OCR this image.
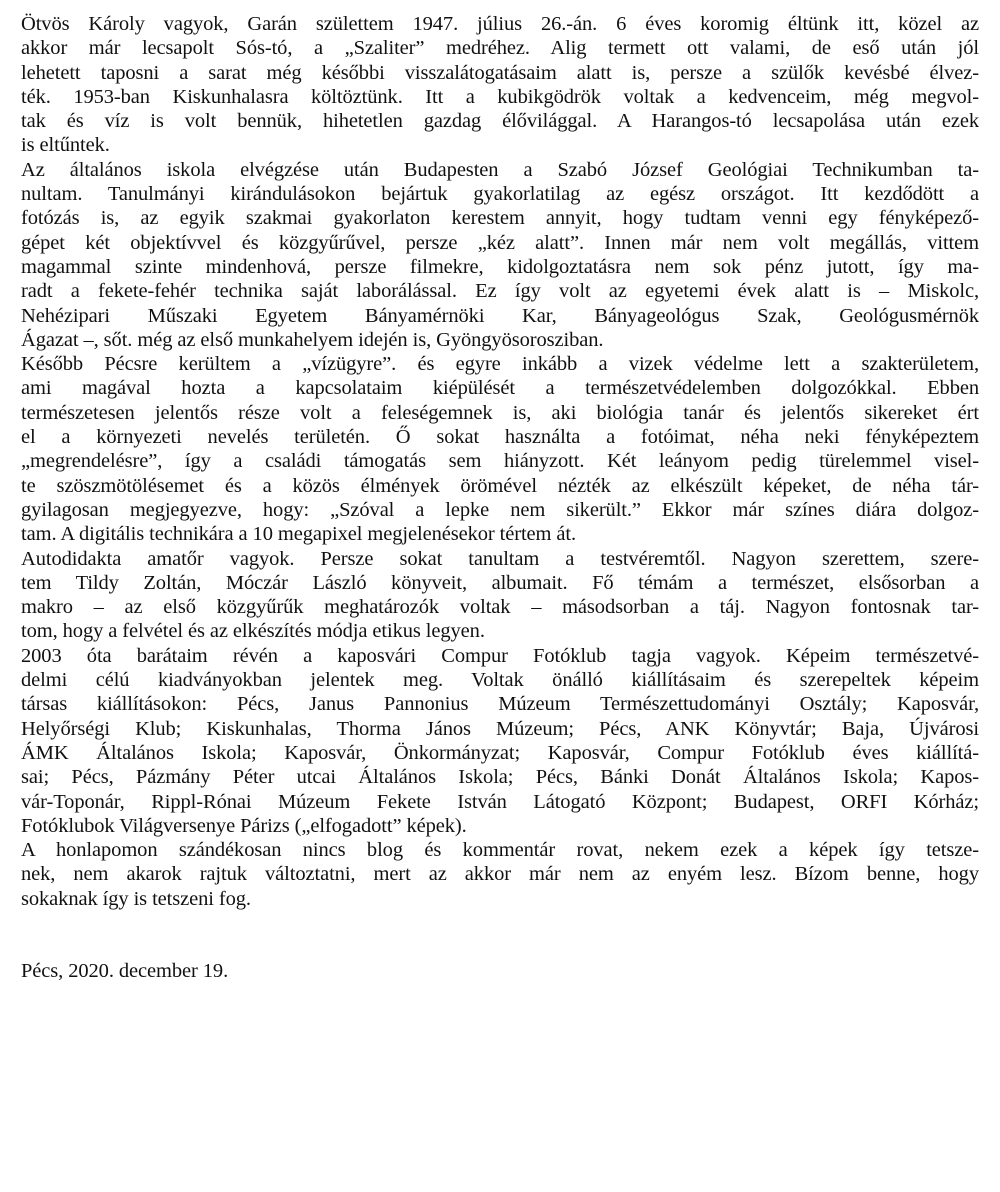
Ötvös Károly vagyok, Garán születtem 1947. július 26.-án. 6 éves koromig éltünk itt, közel az
akkor már lecsapolt Sós-tó, a „Szaliter” medréhez. Alig termett ott valami, de eső után jól
lehetett taposni a sarat még későbbi visszalátogatásaim alatt is, persze a szülők kevésbé élvez-
ték. 1953-ban Kiskunhalasra költöztünk. Itt a kubikgödrök voltak a kedvenceim, még megvol-
tak és víz is volt bennük, hihetetlen gazdag élővilággal. A Harangos-tó lecsapolása után ezek
is eltűntek.
Az általános iskola elvégzése után Budapesten a Szabó József Geológiai Technikumban ta-
nultam. Tanulmányi kirándulásokon bejártuk gyakorlatilag az egész országot. Itt kezdődött a
fotózás is, az egyik szakmai gyakorlaton kerestem annyit, hogy tudtam venni egy fényképező-
gépet két objektívvel és közgyűrűvel, persze „kéz alatt”. Innen már nem volt megállás, vittem
magammal szinte mindenhová, persze filmekre, kidolgoztatásra nem sok pénz jutott, így ma-
radt a fekete-fehér technika saját laborálással. Ez így volt az egyetemi évek alatt is – Miskolc,
Nehézipari Műszaki Egyetem Bányamérnöki Kar, Bányageológus Szak, Geológusmérnök
Ágazat –, sőt. még az első munkahelyem idején is, Gyöngyösorosziban.
Később Pécsre kerültem a „vízügyre”. és egyre inkább a vizek védelme lett a szakterületem,
ami magával hozta a kapcsolataim kiépülését a természetvédelemben dolgozókkal. Ebben
természetesen jelentős része volt a feleségemnek is, aki biológia tanár és jelentős sikereket ért
el a környezeti nevelés területén. Ő sokat használta a fotóimat, néha neki fényképeztem
„megrendelésre”, így a családi támogatás sem hiányzott. Két leányom pedig türelemmel visel-
te szöszmötölésemet és a közös élmények örömével nézték az elkészült képeket, de néha tár-
gyilagosan megjegyezve, hogy: „Szóval a lepke nem sikerült.” Ekkor már színes diára dolgoz-
tam. A digitális technikára a 10 megapixel megjelenésekor tértem át.
Autodidakta amatőr vagyok. Persze sokat tanultam a testvéremtől. Nagyon szerettem, szere-
tem Tildy Zoltán, Móczár László könyveit, albumait. Fő témám a természet, elsősorban a
makro – az első közgyűrűk meghatározók voltak – másodsorban a táj. Nagyon fontosnak tar-
tom, hogy a felvétel és az elkészítés módja etikus legyen.
2003 óta barátaim révén a kaposvári Compur Fotóklub tagja vagyok. Képeim természetvé-
delmi célú kiadványokban jelentek meg. Voltak önálló kiállításaim és szerepeltek képeim
társas kiállításokon: Pécs, Janus Pannonius Múzeum Természettudományi Osztály; Kaposvár,
Helyőrségi Klub; Kiskunhalas, Thorma János Múzeum; Pécs, ANK Könyvtár; Baja, Újvárosi
ÁMK Általános Iskola; Kaposvár, Önkormányzat; Kaposvár, Compur Fotóklub éves kiállítá-
sai; Pécs, Pázmány Péter utcai Általános Iskola; Pécs, Bánki Donát Általános Iskola; Kapos-
vár-Toponár, Rippl-Rónai Múzeum Fekete István Látogató Központ; Budapest, ORFI Kórház;
Fotóklubok Világversenye Párizs („elfogadott” képek).
A honlapomon szándékosan nincs blog és kommentár rovat, nekem ezek a képek így tetsze-
nek, nem akarok rajtuk változtatni, mert az akkor már nem az enyém lesz. Bízom benne, hogy
sokaknak így is tetszeni fog.
Pécs, 2020. december 19.
